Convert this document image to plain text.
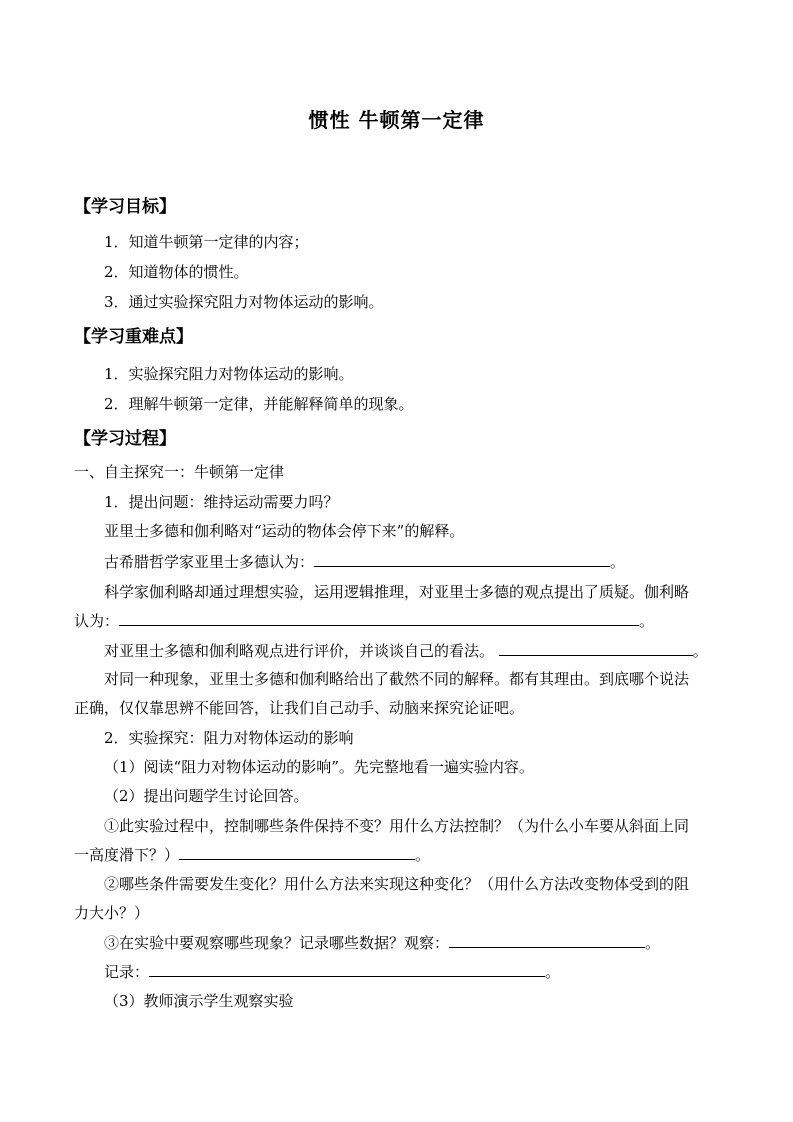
惯性 牛顿第一定律
【学习目标】
1．知道牛顿第一定律的内容；
2．知道物体的惯性。
3．通过实验探究阻力对物体运动的影响。
【学习重难点】
1．实验探究阻力对物体运动的影响。
2．理解牛顿第一定律，并能解释简单的现象。
【学习过程】
一、自主探究一：牛顿第一定律
1．提出问题：维持运动需要力吗？
亚里士多德和伽利略对“运动的物体会停下来”的解释。
古希腊哲学家亚里士多德认为：	。
科学家伽利略却通过理想实验，运用逻辑推理，对亚里士多德的观点提出了质疑。伽利略
认为：	。
对亚里士多德和伽利略观点进行评价，并谈谈自己的看法。	。
对同一种现象，亚里士多德和伽利略给出了截然不同的解释。都有其理由。到底哪个说法
正确，仅仅靠思辨不能回答，让我们自己动手、动脑来探究论证吧。
2．实验探究：阻力对物体运动的影响
（1）阅读“阻力对物体运动的影响”。先完整地看一遍实验内容。
（2）提出问题学生讨论回答。
①此实验过程中，控制哪些条件保持不变？用什么方法控制？（为什么小车要从斜面上同
一高度滑下？）	。
②哪些条件需要发生变化？用什么方法来实现这种变化？（用什么方法改变物体受到的阻
力大小？）
③在实验中要观察哪些现象？记录哪些数据？观察：	。
记录：	。
（3）教师演示学生观察实验
